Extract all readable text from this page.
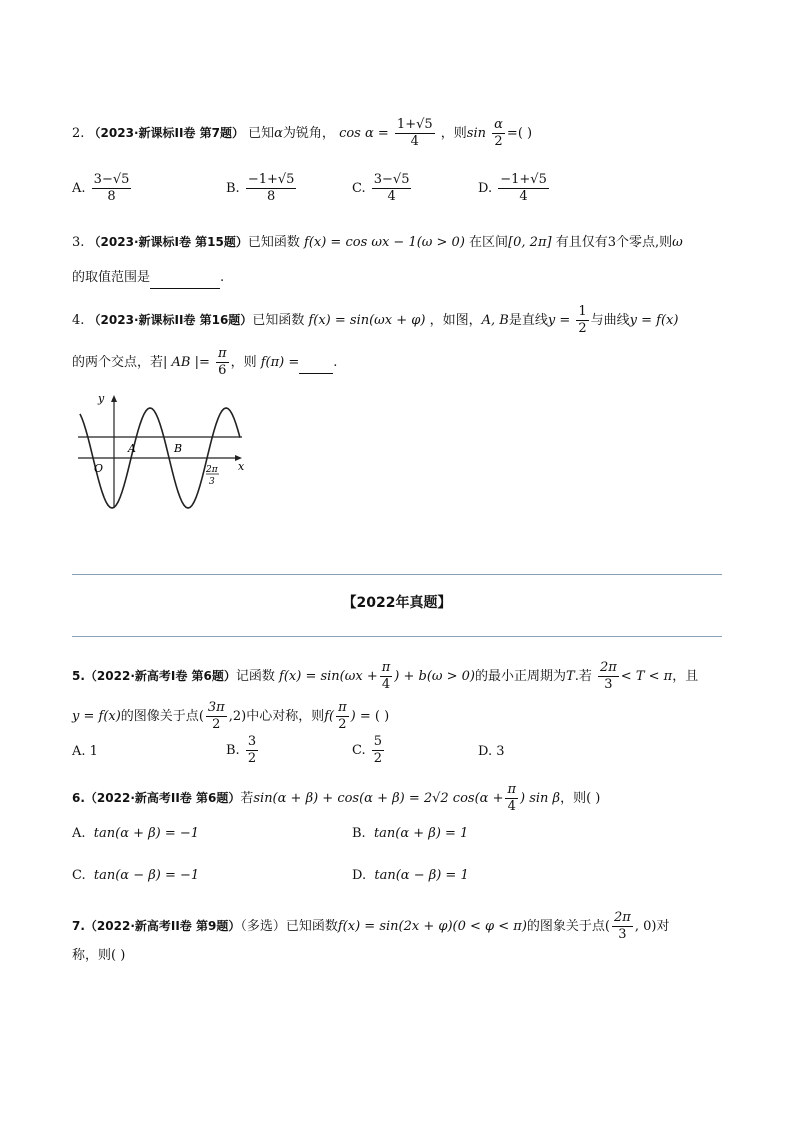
2. （2023·新课标II卷 第7题） 已知α为锐角， $\cos \alpha = \frac{1+√5}{4}$ ，则$\sin \frac{\alpha}{2}$ =( )
A. $\frac{3-√5}{8}$	B. $\frac{-1+√5}{8}$	C. $\frac{3-√5}{4}$	D. $\frac{-1+√5}{4}$
3. （2023·新课标I卷 第15题）已知函数 f(x) = cos ωx − 1(ω > 0) 在区间[0, 2π] 有且仅有3个零点,则ω
的取值范围是	.
4. （2023·新课标II卷 第16题）已知函数 f(x) = sin(ωx + φ) ，如图，A, B是直线$y = \frac{1}{2}$ 与曲线y = f(x)
的两个交点，若| AB |= $\frac{\pi}{6}$ ，则 f(π) =	.
y
x
O
A	B
2π
3
【2022年真题】
5.（2022·新高考I卷 第6题）记函数 $f(x) = \sin(\omega x + \frac{\pi}{4}$ ) + b(ω > 0)的最小正周期为T.若 $\frac{2\pi}{3} < T < \pi$，且
y = f(x)的图像关于点( $\frac{3\pi}{2} ,2$)中心对称，则$f( \frac{\pi}{2}$ ) = ( )
A. 1	B. $\frac{3}{2}$	C. $\frac{5}{2}$	D. 3
6.（2022·新高考II卷 第6题）若sin(α + β) + cos(α + β) = 2√2 $\cos(\alpha + \frac{\pi}{4}$ ) sin β，则( )
A. tan(α + β) = −1	B. tan(α + β) = 1
C. tan(α − β) = −1	D. tan(α − β) = 1
7.（2022·新高考II卷 第9题）（多选）已知函数f(x) = sin(2x + φ)(0 < φ < π)的图象关于点( $\frac{2\pi}{3}$ , 0)对
称，则( )
